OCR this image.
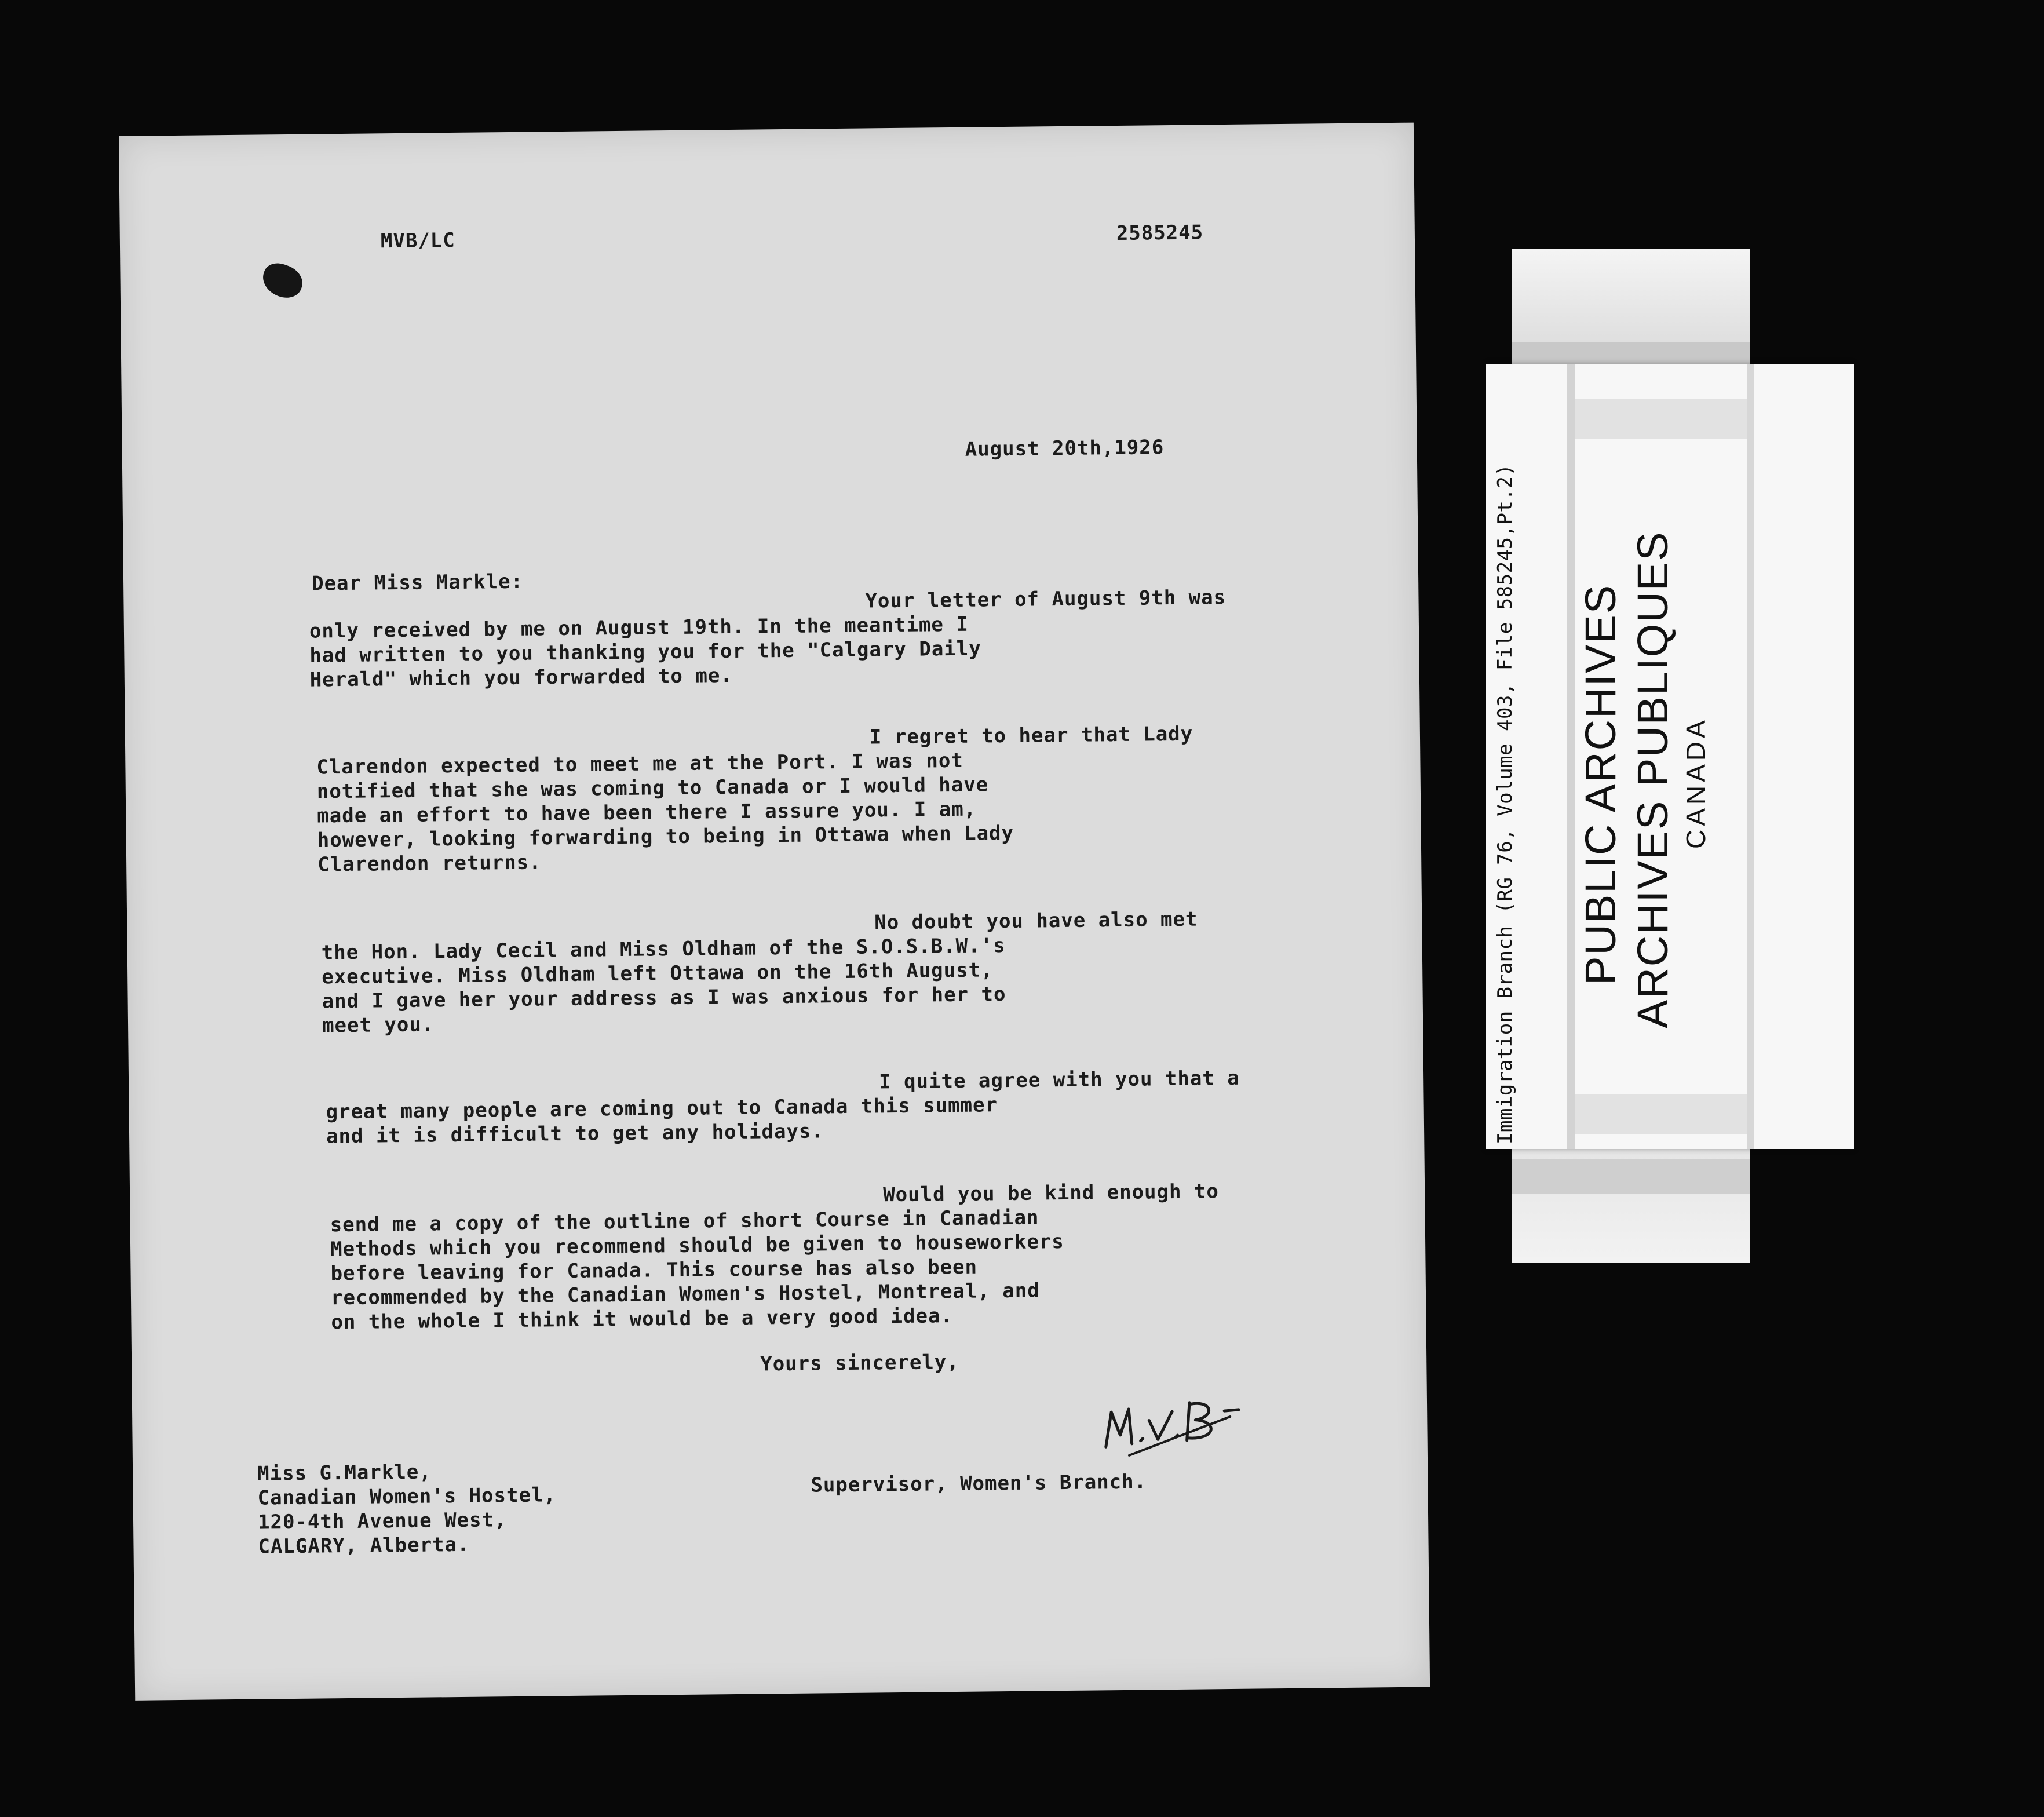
Immigration Branch (RG 76, Volume 403, File 585245,Pt.2) PUBLIC ARCHIVES ARCHIVES PUBLIQUES CANADA
MVB/LC	2585245
August 20th,1926
Dear Miss Markle:
Your letter of August 9th was
only received by me on August 19th. In the meantime I
had written to you thanking you for the "Calgary Daily
Herald" which you forwarded to me.
I regret to hear that Lady
Clarendon expected to meet me at the Port. I was not
notified that she was coming to Canada or I would have
made an effort to have been there I assure you. I am,
however, looking forwarding to being in Ottawa when Lady
Clarendon returns.
No doubt you have also met
the Hon. Lady Cecil and Miss Oldham of the S.O.S.B.W.'s
executive. Miss Oldham left Ottawa on the 16th August,
and I gave her your address as I was anxious for her to
meet you.
I quite agree with you that a
great many people are coming out to Canada this summer
and it is difficult to get any holidays.
Would you be kind enough to
send me a copy of the outline of short Course in Canadian
Methods which you recommend should be given to houseworkers
before leaving for Canada. This course has also been
recommended by the Canadian Women's Hostel, Montreal, and
on the whole I think it would be a very good idea.
Yours sincerely,
Miss G.Markle,
Canadian Women's Hostel,
120-4th Avenue West,
CALGARY, Alberta.
Supervisor, Women's Branch.
